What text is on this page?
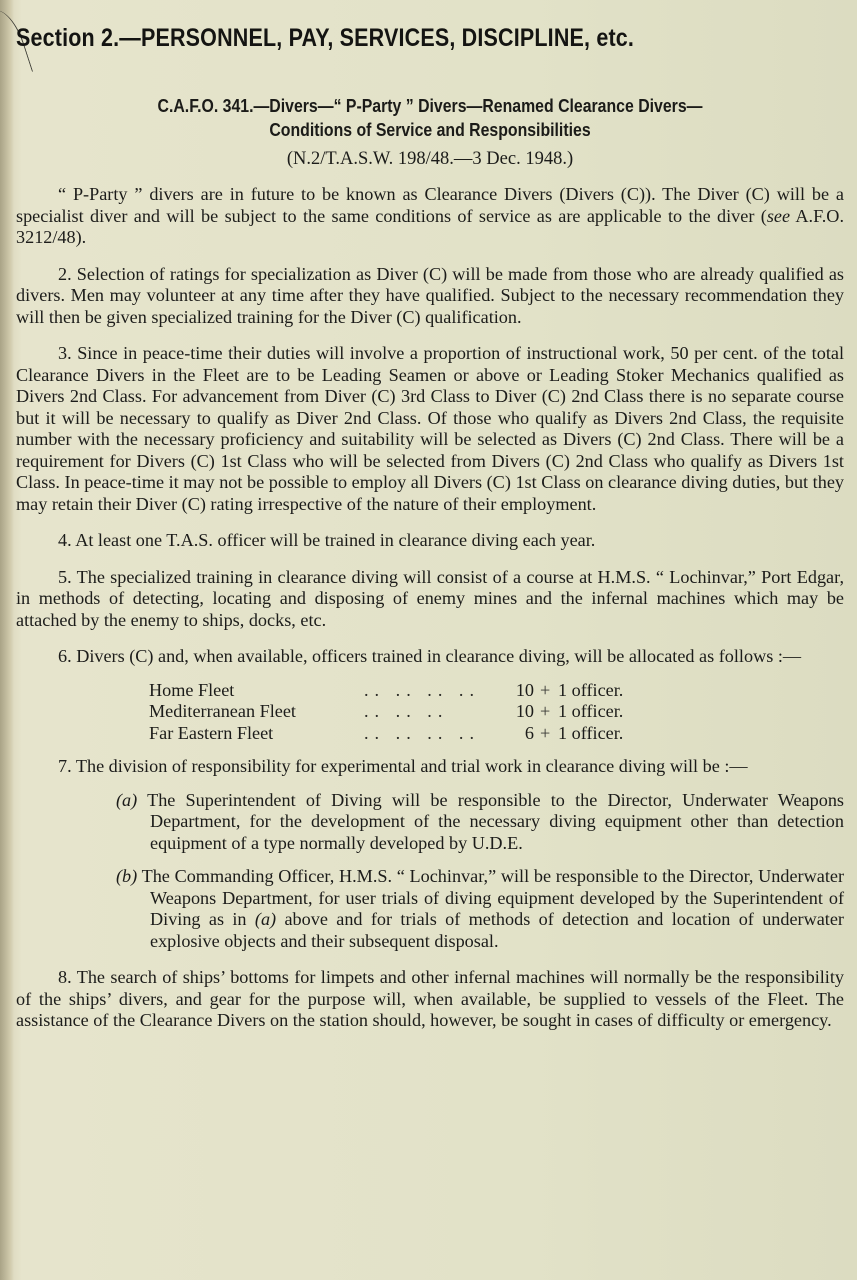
Section 2.—PERSONNEL, PAY, SERVICES, DISCIPLINE, etc.
C.A.F.O. 341.—Divers—“ P-Party ” Divers—Renamed Clearance Divers—
Conditions of Service and Responsibilities
(N.2/T.A.S.W. 198/48.—3 Dec. 1948.)

“ P-Party ” divers are in future to be known as Clearance Divers (Divers (C)). The Diver (C) will be a specialist diver and will be subject to the same conditions of service as are applicable to the diver (see A.F.O. 3212/48).

2. Selection of ratings for specialization as Diver (C) will be made from those who are already qualified as divers. Men may volunteer at any time after they have qualified. Subject to the necessary recommendation they will then be given specialized training for the Diver (C) qualification.

3. Since in peace-time their duties will involve a proportion of instructional work, 50 per cent. of the total Clearance Divers in the Fleet are to be Leading Seamen or above or Leading Stoker Mechanics qualified as Divers 2nd Class. For advancement from Diver (C) 3rd Class to Diver (C) 2nd Class there is no separate course but it will be necessary to qualify as Diver 2nd Class. Of those who qualify as Divers 2nd Class, the requisite number with the necessary proficiency and suitability will be selected as Divers (C) 2nd Class. There will be a requirement for Divers (C) 1st Class who will be selected from Divers (C) 2nd Class who qualify as Divers 1st Class. In peace-time it may not be possible to employ all Divers (C) 1st Class on clearance diving duties, but they may retain their Diver (C) rating irrespective of the nature of their employment.

4. At least one T.A.S. officer will be trained in clearance diving each year.

5. The specialized training in clearance diving will consist of a course at H.M.S. “ Lochinvar,” Port Edgar, in methods of detecting, locating and disposing of enemy mines and the infernal machines which may be attached by the enemy to ships, docks, etc.

6. Divers (C) and, when available, officers trained in clearance diving, will be allocated as follows :—

Home Fleet	.. .. .. ..	10	+	1 officer.
Mediterranean Fleet	.. .. ..	10	+	1 officer.
Far Eastern Fleet	.. .. .. ..	6	+	1 officer.

7. The division of responsibility for experimental and trial work in clearance diving will be :—

(a) The Superintendent of Diving will be responsible to the Director, Underwater Weapons Department, for the development of the necessary diving equipment other than detection equipment of a type normally developed by U.D.E.

(b) The Commanding Officer, H.M.S. “ Lochinvar,” will be responsible to the Director, Underwater Weapons Department, for user trials of diving equipment developed by the Superintendent of Diving as in (a) above and for trials of methods of detection and location of underwater explosive objects and their subsequent disposal.

8. The search of ships’ bottoms for limpets and other infernal machines will normally be the responsibility of the ships’ divers, and gear for the purpose will, when available, be supplied to vessels of the Fleet. The assistance of the Clearance Divers on the station should, however, be sought in cases of difficulty or emergency.
